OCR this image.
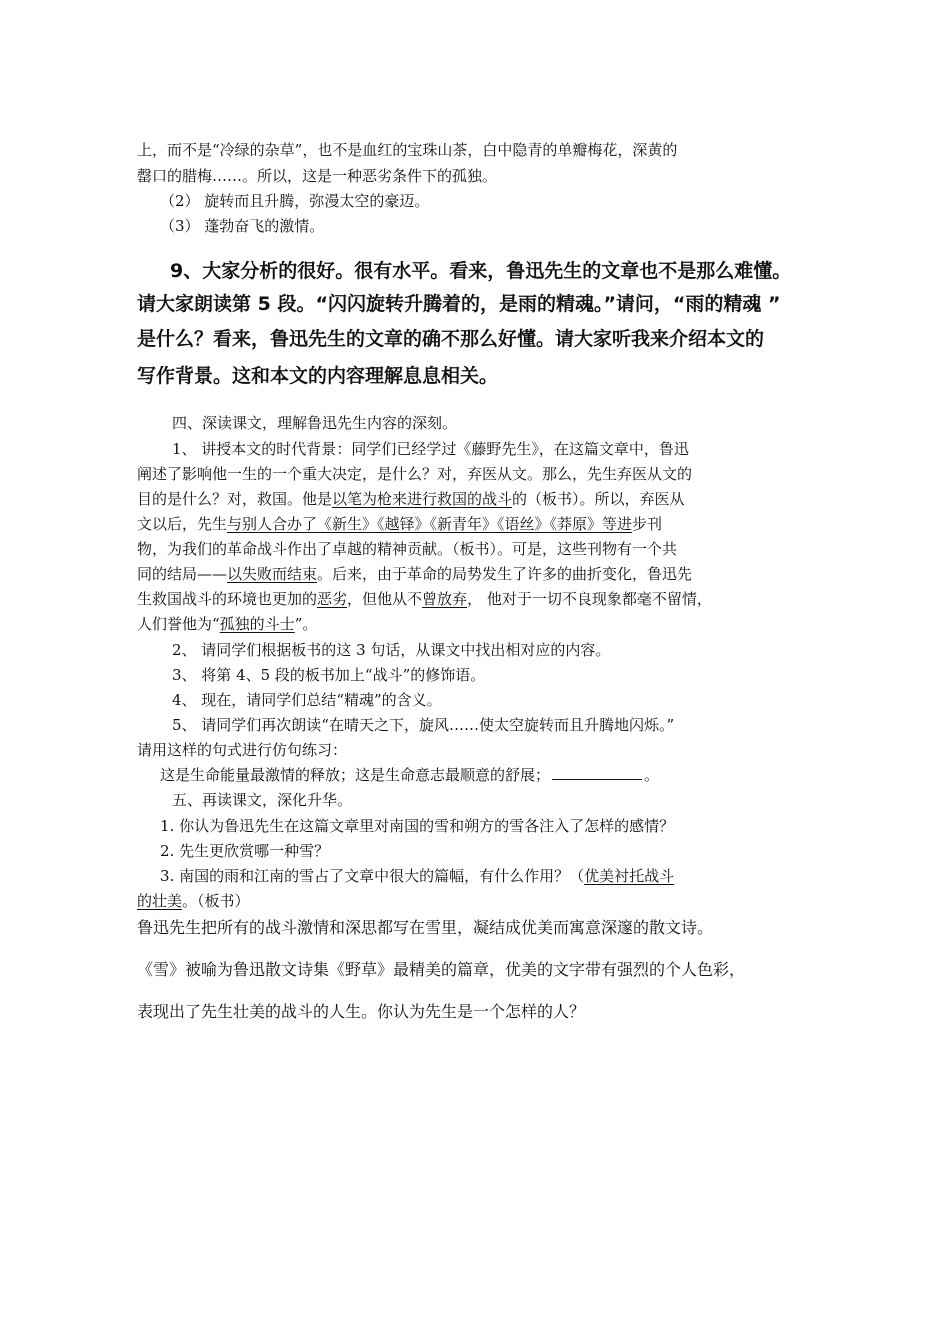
上，而不是“冷绿的杂草”，也不是血红的宝珠山茶，白中隐青的单瓣梅花，深黄的
罄口的腊梅……。所以，这是一种恶劣条件下的孤独。
（2） 旋转而且升腾，弥漫太空的豪迈。
（3） 蓬勃奋飞的激情。
9、大家分析的很好。很有水平。看来，鲁迅先生的文章也不是那么难懂。
请大家朗读第 5 段。“闪闪旋转升腾着的，是雨的精魂。”请问，“雨的精魂 ”
是什么？看来，鲁迅先生的文章的确不那么好懂。请大家听我来介绍本文的
写作背景。这和本文的内容理解息息相关。
四、深读课文，理解鲁迅先生内容的深刻。
1、 讲授本文的时代背景：同学们已经学过《藤野先生》，在这篇文章中，鲁迅
阐述了影响他一生的一个重大决定，是什么？对，弃医从文。那么，先生弃医从文的
目的是什么？对，救国。他是以笔为枪来进行救国的战斗的（板书）。所以，弃医从
文以后，先生与别人合办了《新生》《越铎》《新青年》《语丝》《莽原》等进步刊
物，为我们的革命战斗作出了卓越的精神贡献。（板书）。可是，这些刊物有一个共
同的结局——以失败而结束。后来，由于革命的局势发生了许多的曲折变化，鲁迅先
生救国战斗的环境也更加的恶劣，但他从不曾放弃， 他对于一切不良现象都毫不留情，
人们誉他为“孤独的斗士”。
2、 请同学们根据板书的这 3 句话，从课文中找出相对应的内容。
3、 将第 4、5 段的板书加上“战斗”的修饰语。
4、 现在，请同学们总结“精魂”的含义。
5、 请同学们再次朗读“在晴天之下，旋风……使太空旋转而且升腾地闪烁。”
请用这样的句式进行仿句练习：
这是生命能量最激情的释放；这是生命意志最顺意的舒展；	。
五、再读课文，深化升华。
1. 你认为鲁迅先生在这篇文章里对南国的雪和朔方的雪各注入了怎样的感情？
2. 先生更欣赏哪一种雪？
3. 南国的雨和江南的雪占了文章中很大的篇幅，有什么作用？（优美衬托战斗
的壮美。（板书）
鲁迅先生把所有的战斗激情和深思都写在雪里，凝结成优美而寓意深邃的散文诗。
《雪》被喻为鲁迅散文诗集《野草》最精美的篇章，优美的文字带有强烈的个人色彩，
表现出了先生壮美的战斗的人生。你认为先生是一个怎样的人？
